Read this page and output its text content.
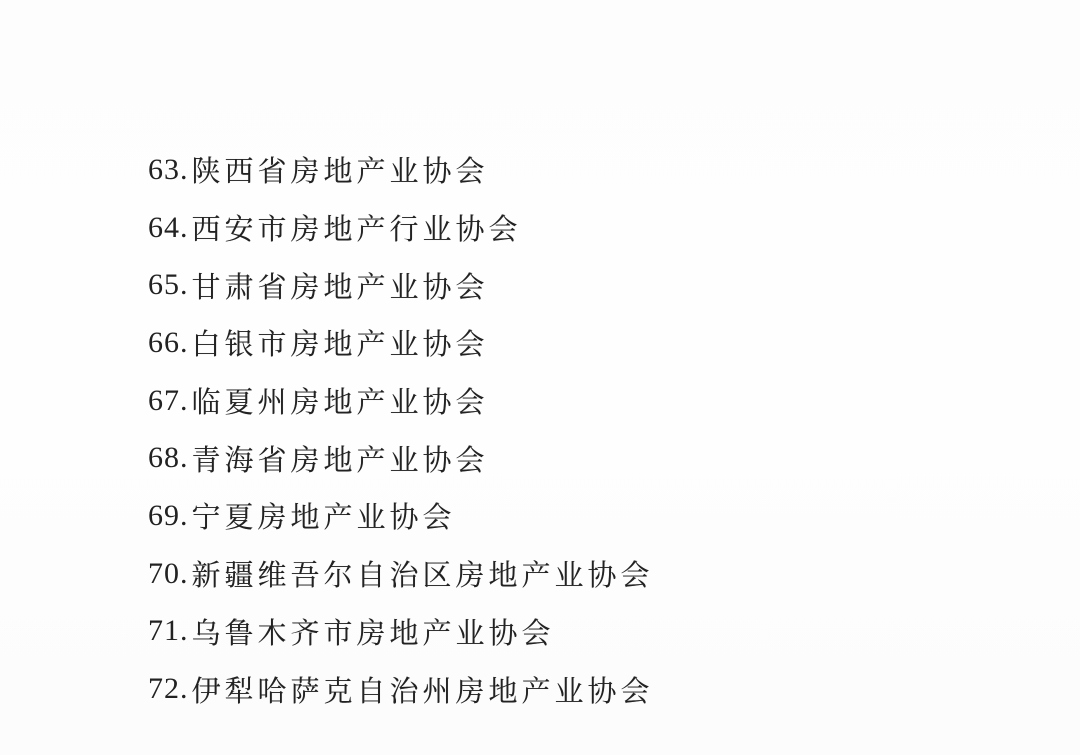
63. 陕西省房地产业协会
64. 西安市房地产行业协会
65. 甘肃省房地产业协会
66. 白银市房地产业协会
67. 临夏州房地产业协会
68. 青海省房地产业协会
69. 宁夏房地产业协会
70. 新疆维吾尔自治区房地产业协会
71. 乌鲁木齐市房地产业协会
72. 伊犁哈萨克自治州房地产业协会
